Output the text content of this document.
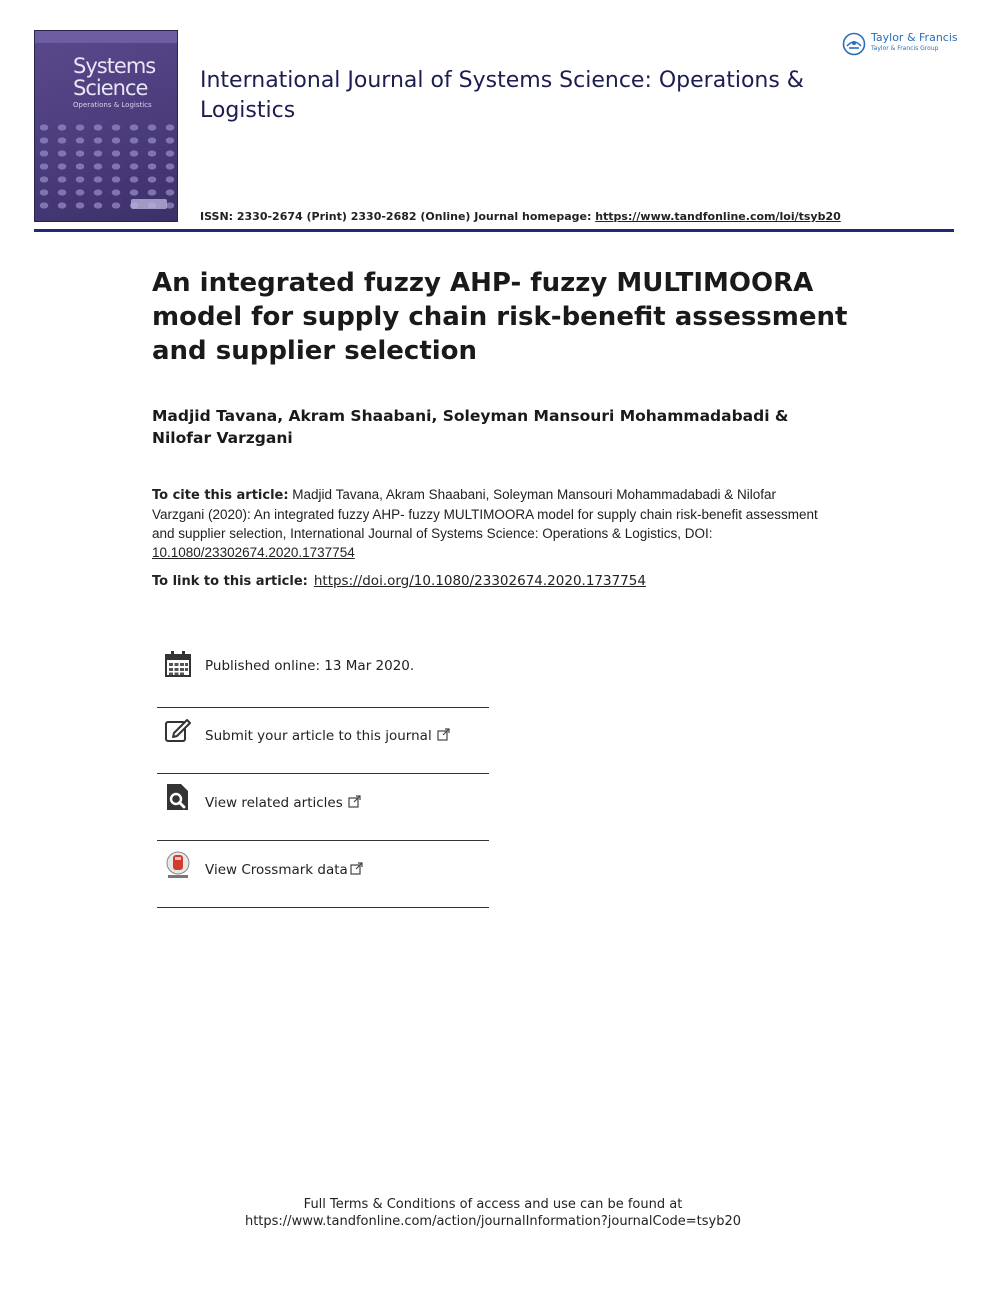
Systems
Science
Operations & Logistics
International Journal of Systems Science: Operations & Logistics
Taylor & Francis
Taylor & Francis Group
ISSN: 2330-2674 (Print) 2330-2682 (Online) Journal homepage: https://www.tandfonline.com/loi/tsyb20
An integrated fuzzy AHP- fuzzy MULTIMOORA model for supply chain risk-benefit assessment and supplier selection
Madjid Tavana, Akram Shaabani, Soleyman Mansouri Mohammadabadi & Nilofar Varzgani
To cite this article: Madjid Tavana, Akram Shaabani, Soleyman Mansouri Mohammadabadi & Nilofar Varzgani (2020): An integrated fuzzy AHP- fuzzy MULTIMOORA model for supply chain risk-benefit assessment and supplier selection, International Journal of Systems Science: Operations & Logistics, DOI: 10.1080/23302674.2020.1737754
To link to this article: https://doi.org/10.1080/23302674.2020.1737754
Published online: 13 Mar 2020.
Submit your article to this journal
View related articles
View Crossmark data
Full Terms & Conditions of access and use can be found at
https://www.tandfonline.com/action/journalInformation?journalCode=tsyb20
